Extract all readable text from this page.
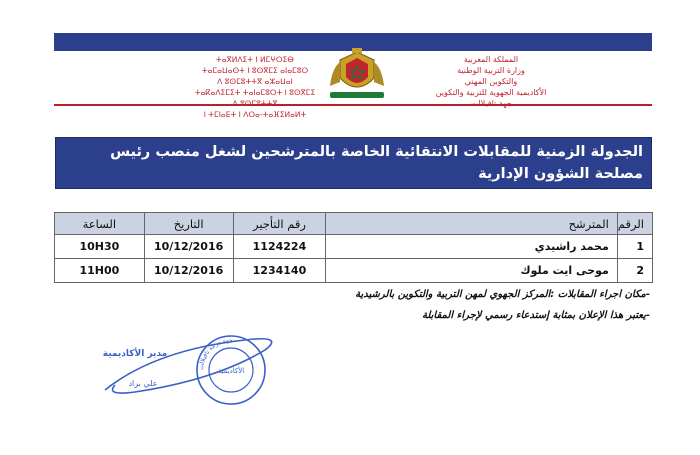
ⵜⴰⴳⵍⴷⵉⵜ ⵏ ⵍⵎⵖⵔⵉⴱ
ⵜⴰⵎⴰⵡⴰⵙⵜ ⵏ ⵓⵙⴳⵎⵉ ⴰⵏⴰⵎⵓⵔ
ⴷ ⵓⵙⵎⵓⵜⵜⴳ ⴰⵣⴰⵡⴰⵏ
ⵜⴰⴽⴰⴷⵉⵎⵉⵜ ⵜⴰⵏⴰⵎⵓⵔⵜ ⵏ ⵓⵙⴳⵎⵉ
ⵏ ⵜⵎⵏⴰⴹⵜ ⵏ ⴷⵔⴰ-ⵜⴰⴼⵉⵍⴰⵍⵜ
المملكة المغربية
وزارة التربية الوطنية
والتكوين المهني
الأكاديمية الجهوية للتربية والتكوين
الجدولة الزمنية للمقابلات الانتقائية الخاصة بالمترشحين لشغل منصب رئيس مصلحة الشؤون الإدارية
و المالية و البناءات و التجهيزات و الممتلكات بالمديرية الإقليمية بتنغير
الرقم	المترشح	رقم التأجير	التاريخ	الساعة
1	محمد راشيدي	1124224	10/12/2016	10H30
2	موحى ايت ملوك	1234140	10/12/2016	11H00
-مكان اجراء المقابلات :المركز الجهوي لمهن التربية والتكوين بالرشيدية
-يعتبر هذا الإعلان بمثابة إستدعاء رسمي لإجراء المقابلة
مدير الأكاديمية
علي براد
جهة درعة تافيلالت
الأكاديمية
